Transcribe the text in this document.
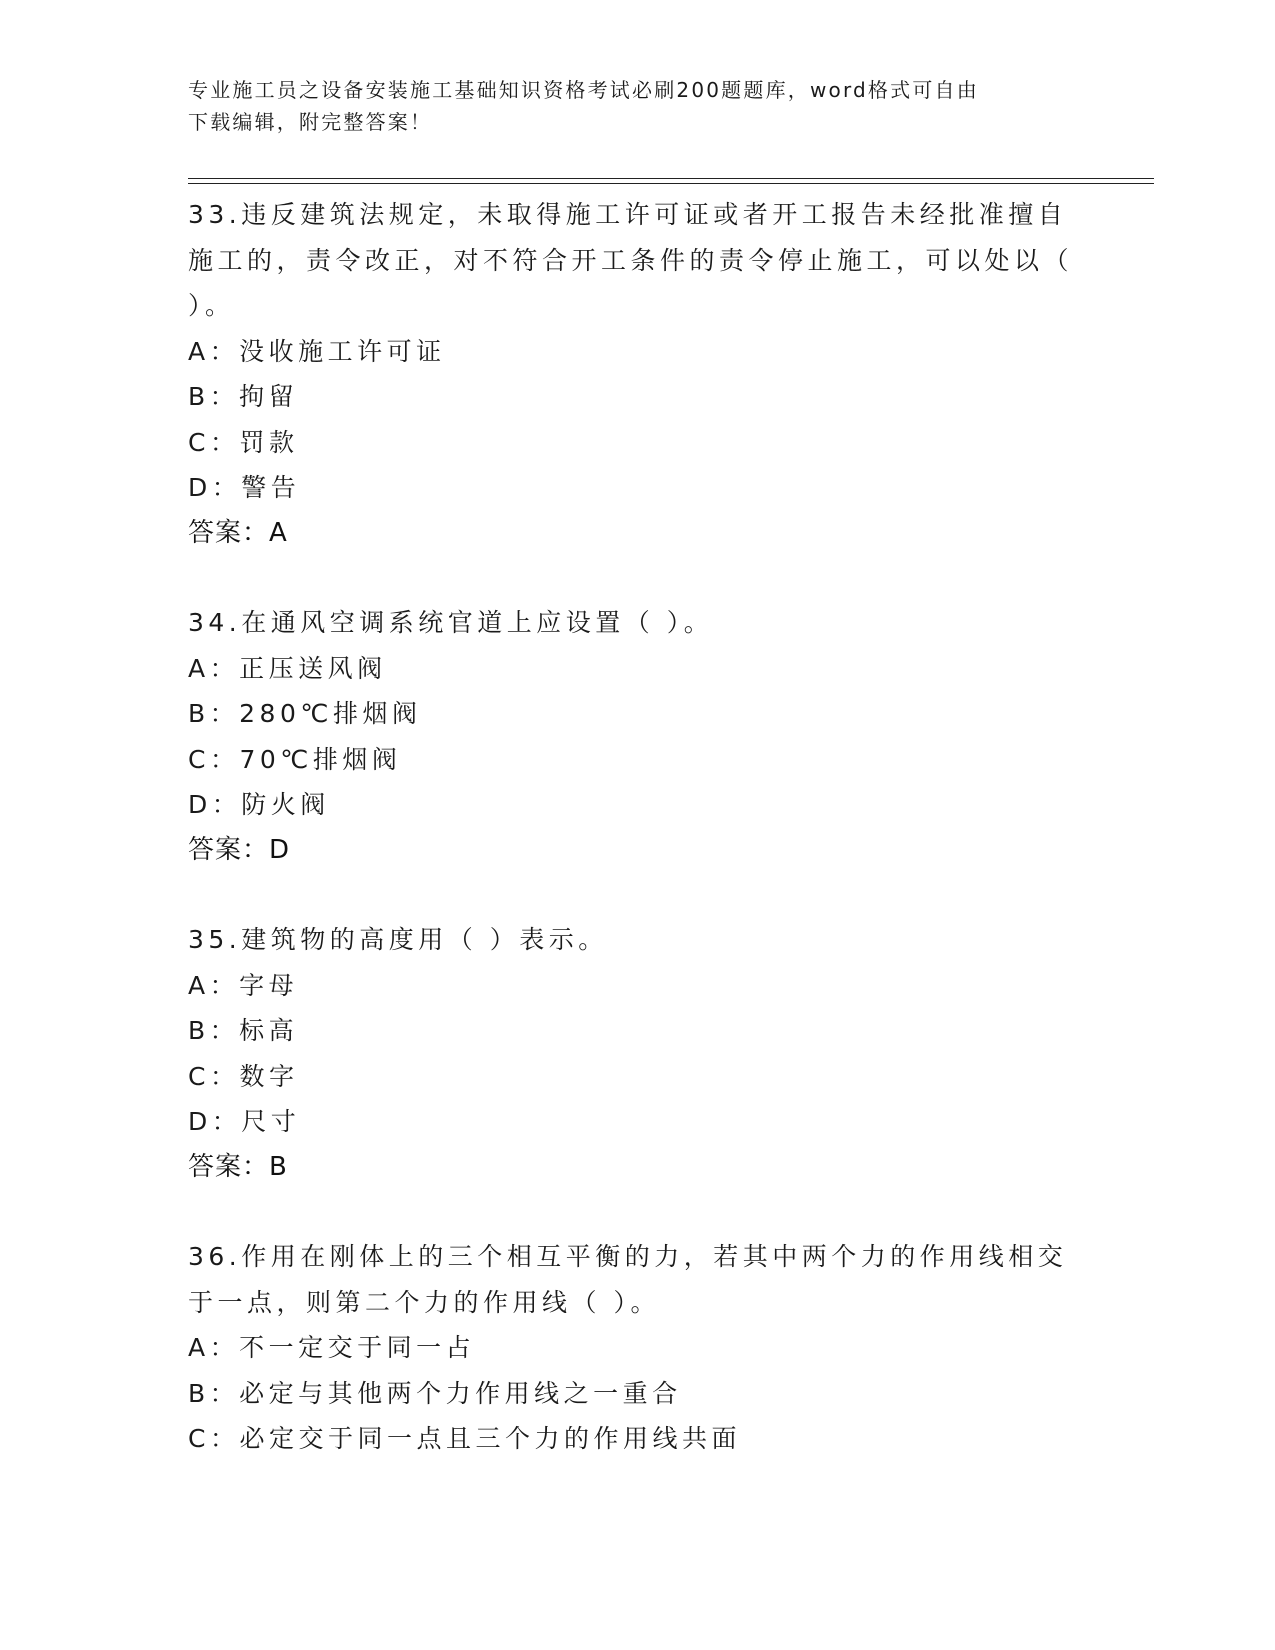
专业施工员之设备安装施工基础知识资格考试必刷200题题库，word格式可自由
下载编辑，附完整答案！

33.违反建筑法规定，未取得施工许可证或者开工报告未经批准擅自施工的，责令改正，对不符合开工条件的责令停止施工，可以处以（ ）。

A：没收施工许可证

B：拘留

C：罚款

D：警告

答案：A

34.在通风空调系统官道上应设置（ ）。

A：正压送风阀

B：280℃排烟阀

C：70℃排烟阀

D：防火阀

答案：D

35.建筑物的高度用（ ）表示。

A：字母

B：标高

C：数字

D：尺寸

答案：B

36.作用在刚体上的三个相互平衡的力，若其中两个力的作用线相交于一点，则第二个力的作用线（ ）。

A：不一定交于同一占

B：必定与其他两个力作用线之一重合

C：必定交于同一点且三个力的作用线共面
